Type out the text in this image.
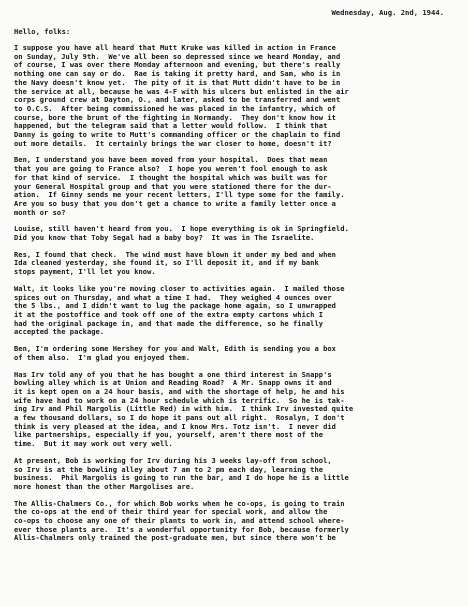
Wednesday, Aug. 2nd, 1944.
Hello, folks:
I suppose you have all heard that Mutt Kruke was killed in action in France
on Sunday, July 9th.  We've all been so depressed since we heard Monday, and
of course, I was over there Monday afternoon and evening, but there's really
nothing one can say or do.  Rae is taking it pretty hard, and Sam, who is in
the Navy doesn't know yet.  The pity of it is that Mutt didn't have to be in
the service at all, because he was 4-F with his ulcers but enlisted in the air
corps ground crew at Dayton, O., and later, asked to be transferred and went
to O.C.S.  After being commissioned he was placed in the infantry, which of
course, bore the brunt of the fighting in Normandy.  They don't know how it
happened, but the telegram said that a letter would follow.  I think that
Danny is going to write to Mutt's commanding officer or the chaplain to find
out more details.  It certainly brings the war closer to home, doesn't it?
Ben, I understand you have been moved from your hospital.  Does that mean
that you are going to France also?  I hope you weren't fool enough to ask
for that kind of service.  I thought the hospital which was built was for
your General Hospital group and that you were stationed there for the dur-
ation.  If Ginny sends me your recent letters, I'll type some for the family.
Are you so busy that you don't get a chance to write a family letter once a
month or so?
Louise, still haven't heard from you.  I hope everything is ok in Springfield.
Did you know that Toby Segal had a baby boy?  It was in The Israelite.
Res, I found that check.  The wind must have blown it under my bed and when
Ida cleaned yesterday, she found it, so I'll deposit it, and if my bank
stops payment, I'll let you know.
Walt, it looks like you're moving closer to activities again.  I mailed those
spices out on Thursday, and what a time I had.  They weighed 4 ounces over
the 5 lbs., and I didn't want to lug the package home again, so I unwrapped
it at the postoffice and took off one of the extra empty cartons which I
had the original package in, and that made the difference, so he finally
accepted the package.
Ben, I'm ordering some Hershey for you and Walt, Edith is sending you a box
of them also.  I'm glad you enjoyed them.
Has Irv told any of you that he has bought a one third interest in Snapp's
bowling alley which is at Union and Reading Road?  A Mr. Snapp owns it and
it is kept open on a 24 hour basis, and with the shortage of help, he and his
wife have had to work on a 24 hour schedule which is terrific.  So he is tak-
ing Irv and Phil Margolis (Little Red) in with him.  I think Irv invested quite
a few thousand dollars, so I do hope it pans out all right.  Rosalyn, I don't
think is very pleased at the idea, and I know Mrs. Totz isn't.  I never did
like partnerships, especially if you, yourself, aren't there most of the
time.  But it may work out very well.
At present, Bob is working for Irv during his 3 weeks lay-off from school,
so Irv is at the bowling alley about 7 am to 2 pm each day, learning the
business.  Phil Margolis is going to run the bar, and I do hope he is a little
more honest than the other Margolises are.
The Allis-Chalmers Co., for which Bob works when he co-ops, is going to train
the co-ops at the end of their third year for special work, and allow the
co-ops to choose any one of their plants to work in, and attend school where-
ever those plants are.  It's a wonderful opportunity for Bob, because formerly
Allis-Chalmers only trained the post-graduate men, but since there won't be
